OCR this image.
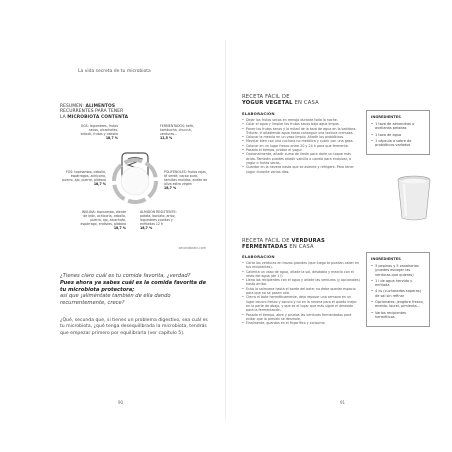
La vida secreta de tu microbiota
RESUMEN: ALIMENTOS
RECURRENTES PARA TENER
LA MICROBIOTA CONTENTA
OGS: legumbres, frutos secos, alcachofas, brócoli, frutas y cebolla
18,7 %
FERMENTADOS: kefir, kombucha, chucrut, verduras...
12,5 %
POLIFENOLES: frutos rojos, té verde, cacao puro, semillas molidas, aceite de oliva extra virgen
18,7 %
ALMIDÓN RESISTENTE: patata, boniato, arroz, legumbres cocidas y enfriadas 12 h
18,7 %
INULINA: topinambo, diente de león, achicoria, cebolla, puerro, ajo, alcachofa, espárrago, endivias, plátano
18,7 %
FOS: topinambo, cebolla, espárragos, achicoria, puerro, ajo, puerro, plátano
18,7 %
secondbrain.com
¿Tienes claro cuál es tu comida favorita, ¿verdad?
Pues ahora ya sabes cuál es la comida favorita de tu microbiota protectora;
así que ¡aliméntate también de ella dando recurrentemente, crece?
¿Qué, secunda que, si tienes un problema digestivo, sea cuál es tu microbiota, ¿qué tenga desequilibrada la microbiota, tendrás que empezar primero por equilibrarla (ver capítulo 5).
90
RECETA FÁCIL DE
YOGUR VEGETAL EN CASA
ELABORACIÓN
• Dejar los frutos secos en remojo durante toda la noche.
• Colar el agua y limpiar los frutos secos bajo agua limpia.
• Poner los frutos secos y la mitad de la taza de agua en la batidora. Triturar. Ir añadiendo agua hasta conseguir una textura cremosa.
• Colocar la mezcla en un vaso limpio. Añadir los probióticos.
• Mezclar bien con una cuchara no metálica y cubrir con una gasa.
• Colocar en un lugar fresco entre 20 y 24 h para que fermente.
• Pasado el tiempo, probar el yogur.
• Opcionalmente, añadir zumo de limón para darle un toque más ácido. También puedes añadir vainilla o canela para endulzar, o yogur o frutas secas.
• Guardar en la nevera hasta que se asiente y refrigere. Para tener yogur durante varios días.
INGREDIENTES
• 1 taza de almendras o avellanas peladas
• 1 taza de agua
• 1 cápsula o sobre de probióticos variados
RECETA FÁCIL DE VERDURAS
FERMENTADAS EN CASA
ELABORACIÓN
• Corta las verduras en trozos grandes (que luego te puedan caber en tus recipientes).
• Calienta un vaso de agua, añade la sal, desdobla y mezcla con el resto del agua (de 1 l).
• Llena los recipientes con el agua y añade las verduras (y opcionales) hasta arriba.
• Echa la salmuera hasta el borde del bote; no debe quedar espacio para que no se pasen aire.
• Cierra el bote herméticamente, deja reposar una semana en un lugar oscuro fresco y oscuro y no en la nevera para el quedo mejor en la parte de abajo, y que es el lugar que más sigue el deseado para la fermentación.
• Pasado el tiempo, abre y prueba las verduras fermentadas para evitar que la presión se desmole.
• Finalmente, guardas en el frigorífico y consume.
INGREDIENTES
• 3 pepinos y 5 zanahorias (puedes escoger las verduras que quieras)
• 1 l de agua hervida y enfriada
• 4 cs (cucharadas soperas) de sal sin refinar
• Opcionales: jengibre fresco, eneldo, laurel, pimienta...
• Varios recipientes herméticos
91
